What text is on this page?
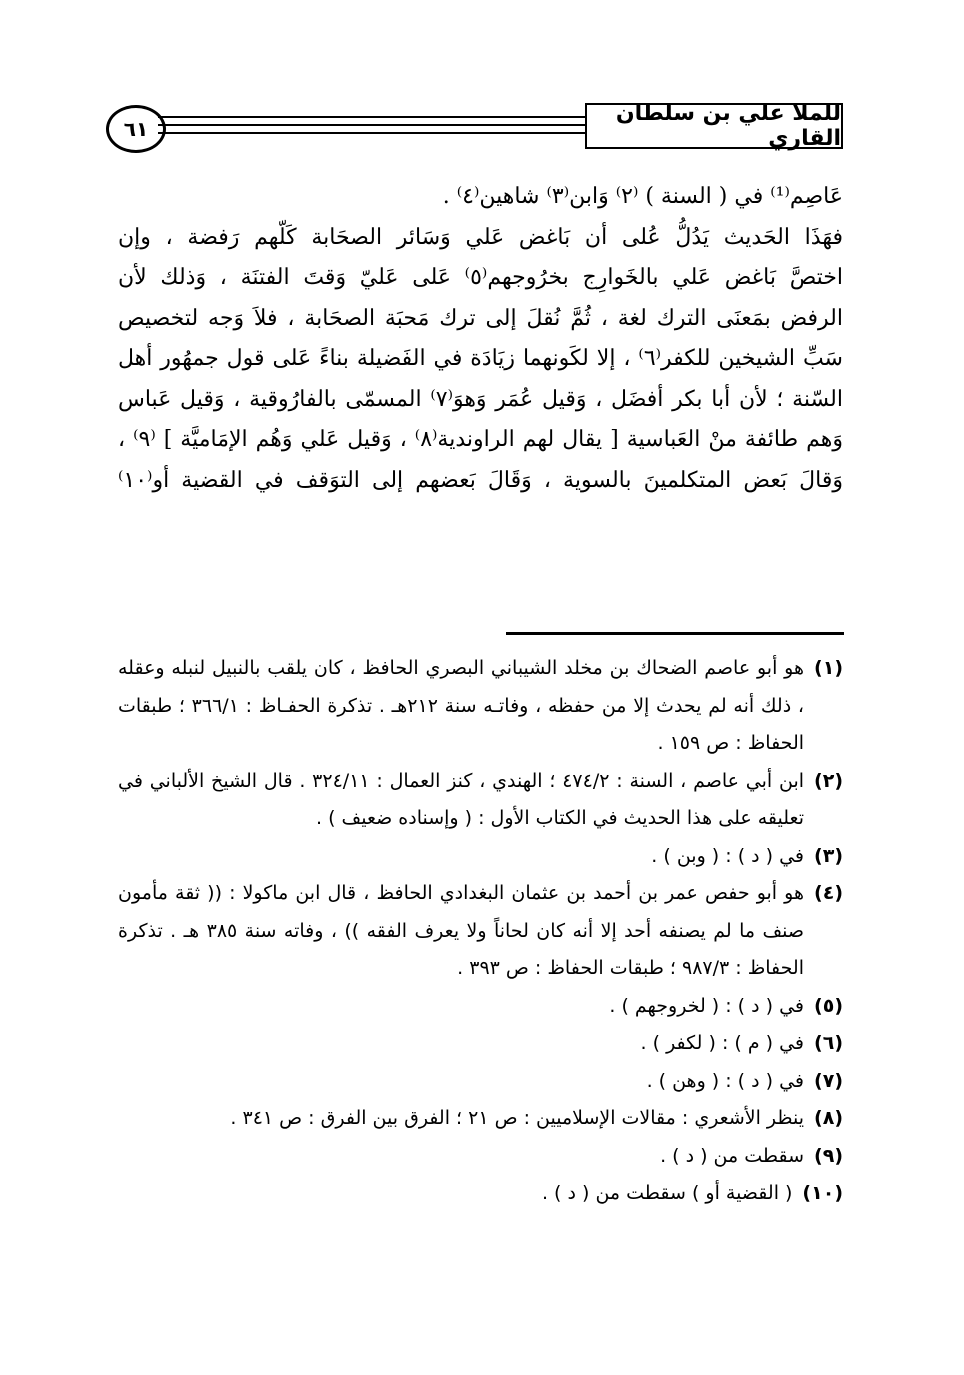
للملا علي بن سلطان القاري
٦١
عَاصِم⁽¹⁾ في ( السنة ) ⁽٢⁾ وَابن⁽٣⁾ شاهين⁽٤⁾ .
فهَذَا الحَديث يَدُلُّ عُلى أن بَاغض عَلي وَسَائر الصحَابة كَلّهم رَفضة ، وإن
اختصَّ بَاغض عَلي بالخَوارِج بخرُوجهم⁽٥⁾ عَلى عَليّ وَقتَ الفتنَة ، وَذلك لأن
الرفض بمَعنَى الترك لغة ، ثُمَّ نُقلَ إلى ترك مَحبَة الصحَابة ، فلاَ وَجه لتخصيص
سَبِّ الشيخين للكفر⁽٦⁾ ، إلا لكَونهما زيَادَة في الفَضيلة بناءً عَلى قول جمهُور أهل
السّنة ؛ لأن أبا بكر أفضَل ، وَقيل عُمَر وَهوَ⁽٧⁾ المسمّى بالفارُوقية ، وَقيل عَباس
وَهم طائفة منْ العَباسية [ يقال لهم الراوندية⁽٨⁾ ، وَقيل عَلي وَهُم الإمَاميَّة ] ⁽٩⁾ ،
وَقالَ بَعض المتكلمينَ بالسوية ، وَقَالَ بَعضهم إلى التوَقف في القضية أو⁽١٠⁾
(١)
هو أبو عاصم الضحاك بن مخلد الشيباني البصري الحافظ ، كان يلقب بالنبيل لنبله وعقله ، ذلك أنه لم يحدث إلا من حفظه ، وفاتـه سنة ٢١٢هـ . تذكرة الحفـاظ : ٣٦٦/١ ؛ طبقات الحفاظ : ص ١٥٩ .
(٢)
ابن أبي عاصم ، السنة : ٤٧٤/٢ ؛ الهندي ، كنز العمال : ٣٢٤/١١ . قال الشيخ الألباني في تعليقه على هذا الحديث في الكتاب الأول : ( وإسناده ضعيف ) .
(٣)
في ( د ) : ( وبن ) .
(٤)
هو أبو حفص عمر بن أحمد بن عثمان البغدادي الحافظ ، قال ابن ماكولا : (( ثقة مأمون صنف ما لم يصنفه أحد إلا أنه كان لحاناً ولا يعرف الفقه )) ، وفاته سنة ٣٨٥ هـ . تذكرة الحفاظ : ٩٨٧/٣ ؛ طبقات الحفاظ : ص ٣٩٣ .
(٥)
في ( د ) : ( لخروجهم ) .
(٦)
في ( م ) : ( لكفر ) .
(٧)
في ( د ) : ( وهن ) .
(٨)
ينظر الأشعري : مقالات الإسلاميين : ص ٢١ ؛ الفرق بين الفرق : ص ٣٤١ .
(٩)
سقطت من ( د ) .
(١٠)
( القضية أو ) سقطت من ( د ) .
